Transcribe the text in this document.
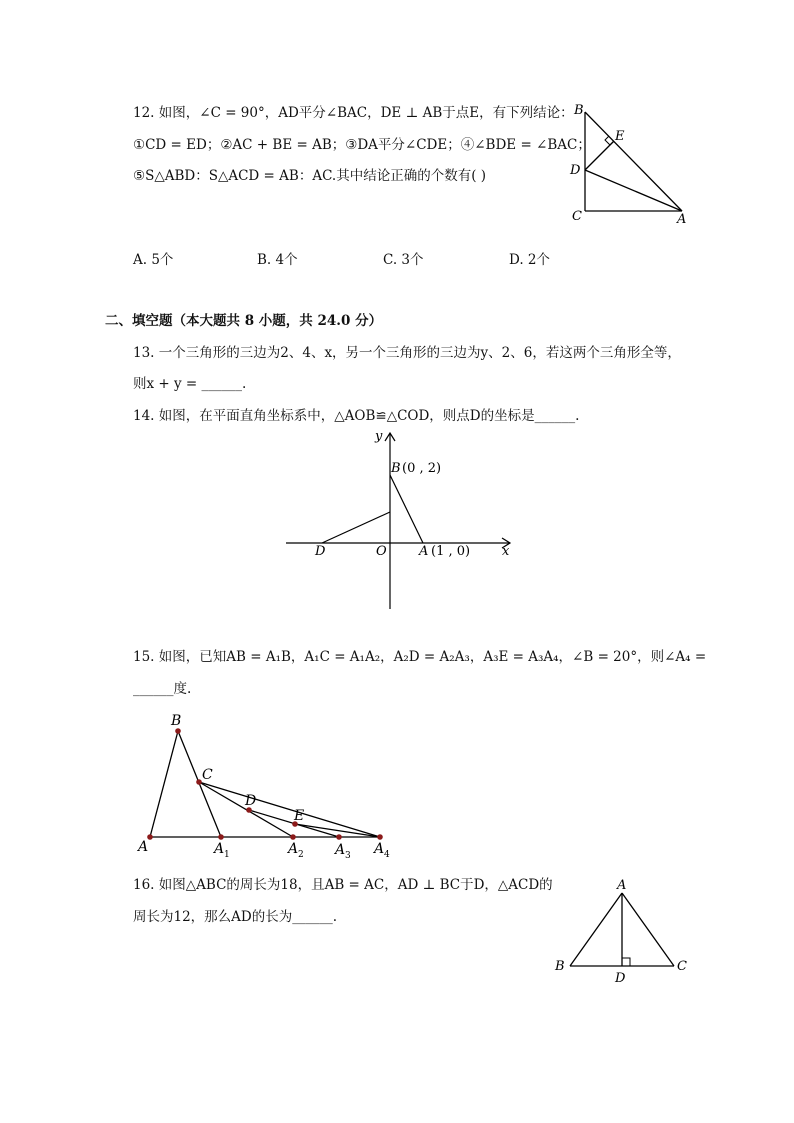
12. 如图，∠C = 90°，AD平分∠BAC，DE ⊥ AB于点E，有下列结论：
①CD = ED；②AC + BE = AB；③DA平分∠CDE；④∠BDE = ∠BAC；
⑤S△ABD：S△ACD = AB：AC.其中结论正确的个数有( )
B
E
D
C	A
A. 5个	B. 4个	C. 3个	D. 2个
二、填空题（本大题共 8 小题，共 24.0 分）
13. 一个三角形的三边为2、4、x，另一个三角形的三边为y、2、6，若这两个三角形全等，
则x + y = ______.
14. 如图，在平面直角坐标系中，△AOB≌△COD，则点D的坐标是______.
y
x
B (0 , 2)
A (1 , 0)
O
D
15. 如图，已知AB = A₁B，A₁C = A₁A₂，A₂D = A₂A₃，A₃E = A₃A₄，∠B = 20°，则∠A₄ =
______度.
B
C
D
E
A	A 1	A 2 A 3 A 4
16. 如图△ABC的周长为18，且AB = AC，AD ⊥ BC于D，△ACD的
周长为12，那么AD的长为______.
A
B	C
D
